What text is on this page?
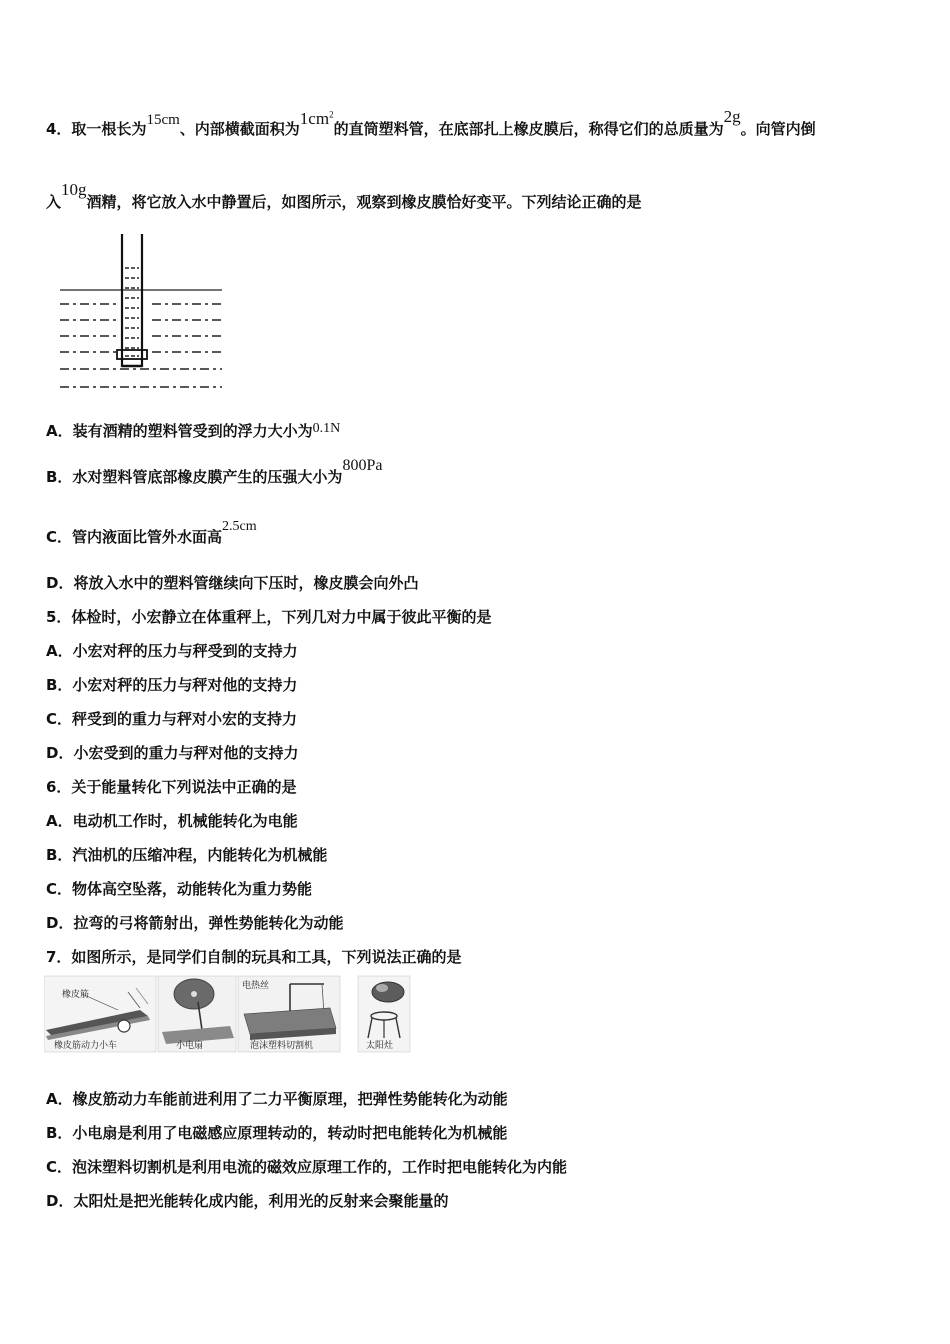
4．取一根长为15cm、内部横截面积为$1cm^2$的直筒塑料管，在底部扎上橡皮膜后，称得它们的总质量为2g。向管内倒
入10g酒精，将它放入水中静置后，如图所示，观察到橡皮膜恰好变平。下列结论正确的是
A．装有酒精的塑料管受到的浮力大小为0.1N
B．水对塑料管底部橡皮膜产生的压强大小为800Pa
C．管内液面比管外水面高2.5cm
D．将放入水中的塑料管继续向下压时，橡皮膜会向外凸
5．体检时，小宏静立在体重秤上，下列几对力中属于彼此平衡的是
A．小宏对秤的压力与秤受到的支持力
B．小宏对秤的压力与秤对他的支持力
C．秤受到的重力与秤对小宏的支持力
D．小宏受到的重力与秤对他的支持力
6．关于能量转化下列说法中正确的是
A．电动机工作时，机械能转化为电能
B．汽油机的压缩冲程，内能转化为机械能
C．物体高空坠落，动能转化为重力势能
D．拉弯的弓将箭射出，弹性势能转化为动能
7．如图所示，是同学们自制的玩具和工具，下列说法正确的是
橡皮筋
橡皮筋动力小车	小电扇
电热丝
泡沫塑料切割机	太阳灶
A．橡皮筋动力车能前进利用了二力平衡原理，把弹性势能转化为动能
B．小电扇是利用了电磁感应原理转动的，转动时把电能转化为机械能
C．泡沫塑料切割机是利用电流的磁效应原理工作的，工作时把电能转化为内能
D．太阳灶是把光能转化成内能，利用光的反射来会聚能量的
